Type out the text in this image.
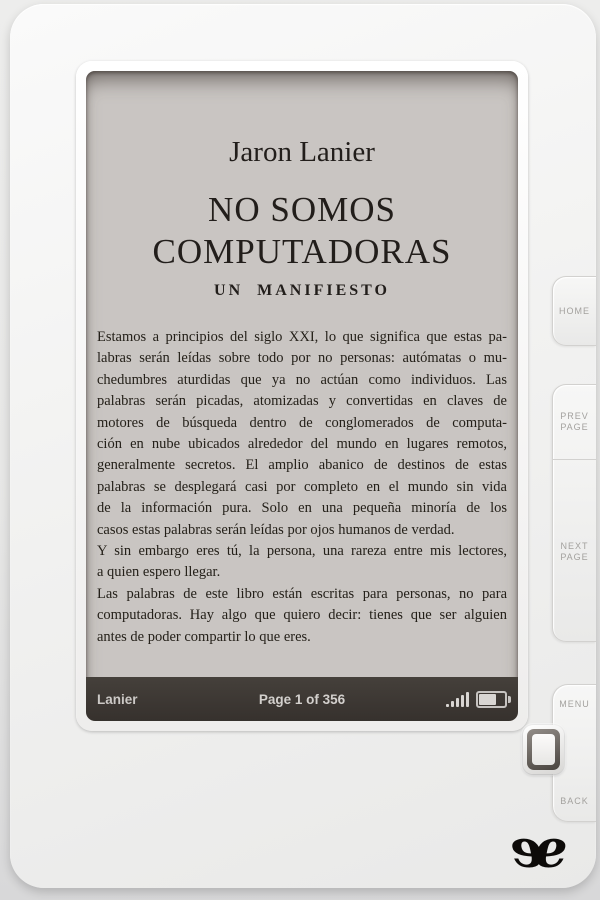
Jaron Lanier
NO SOMOS
COMPUTADORAS
UN MANIFIESTO
Estamos a principios del siglo XXI, lo que significa que estas pa-
labras serán leídas sobre todo por no personas: autómatas o mu-
chedumbres aturdidas que ya no actúan como individuos. Las
palabras serán picadas, atomizadas y convertidas en claves de
motores de búsqueda dentro de conglomerados de computa-
ción en nube ubicados alrededor del mundo en lugares remotos,
generalmente secretos. El amplio abanico de destinos de estas
palabras se desplegará casi por completo en el mundo sin vida
de la información pura. Solo en una pequeña minoría de los
casos estas palabras serán leídas por ojos humanos de verdad.
Y sin embargo eres tú, la persona, una rareza entre mis lectores,
a quien espero llegar.
Las palabras de este libro están escritas para personas, no para
computadoras. Hay algo que quiero decir: tienes que ser alguien
antes de poder compartir lo que eres.
Lanier	Page 1 of 356
HOME
PREV
PAGE
NEXT
PAGE
MENU
BACK
e
e
